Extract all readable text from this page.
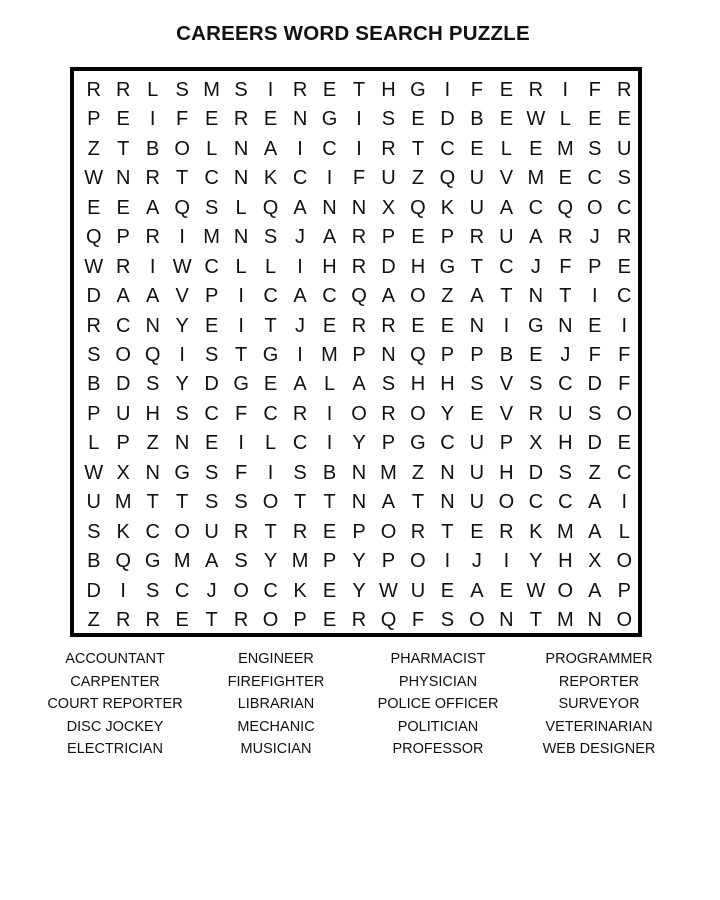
CAREERS WORD SEARCH PUZZLE
R R L S M S	I R E T H G I	F E R I	F R
P E	I	F E R E N G I	S E D B E W L E E
Z T B O L N A	I C I R T C E L E M S U
W N R T C N K C I	F U Z Q U V M E C S
E E A Q S L Q A N N X Q K U A C Q O C
Q P R I M N S J A R P E P R U A R J R
W R I W C L L	I H R D H G T C J F P E
D A A V P	I C A C Q A O Z A T N T	I C
R C N Y E	I	T J E R R E E N I G N E	I
S O Q I	S T G I M P N Q P P B E J F F
B D S Y D G E A L A S H H S V S C D F
P U H S C F C R I O R O Y E V R U S O
L P Z N E	I	L C I	Y P G C U P X H D E
W X N G S F	I	S B N M Z N U H D S Z C
U M T T S S O T T N A T N U O C C A	I
S K C O U R T R E P O R T E R K M A L
B Q G M A S Y M P Y P O I	J	I	Y H X O
D I	S C J O C K E Y W U E A E W O A P
Z R R E T R O P E R Q F S O N T M N O
ACCOUNTANT
CARPENTER
COURT REPORTER
DISC JOCKEY
ELECTRICIAN
ENGINEER
FIREFIGHTER
LIBRARIAN
MECHANIC
MUSICIAN
PHARMACIST
PHYSICIAN
POLICE OFFICER
POLITICIAN
PROFESSOR
PROGRAMMER
REPORTER
SURVEYOR
VETERINARIAN
WEB DESIGNER
